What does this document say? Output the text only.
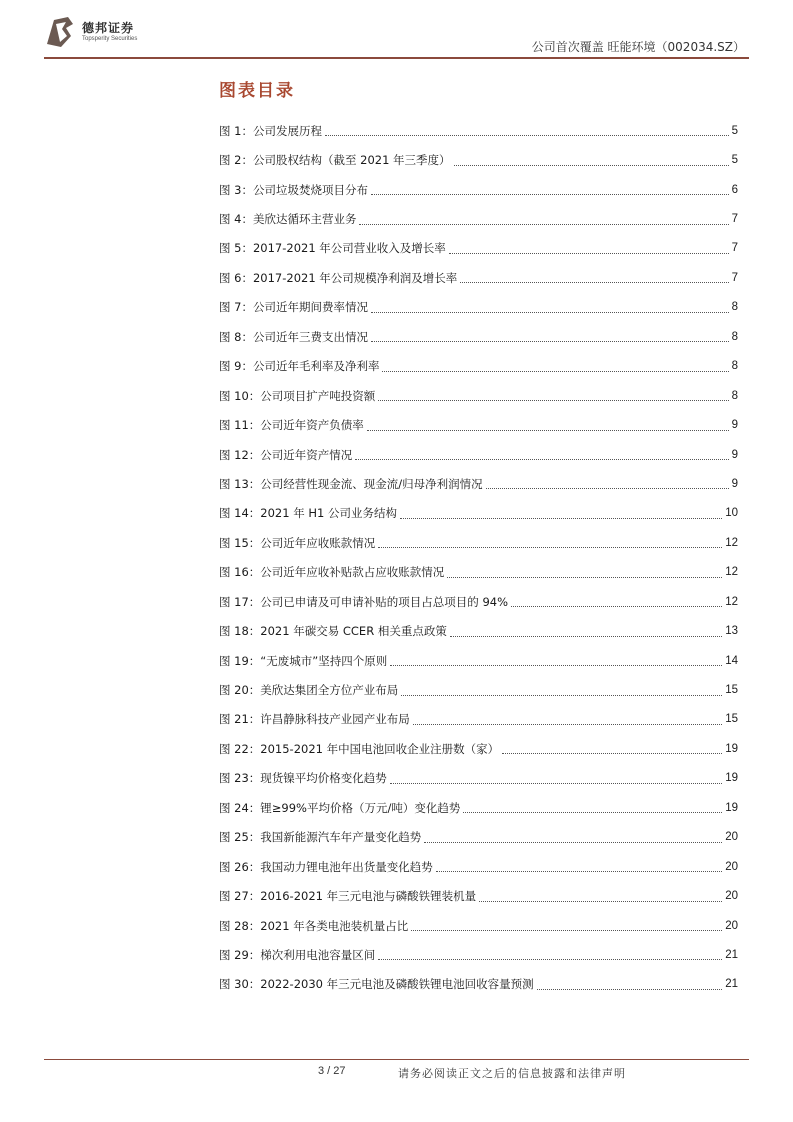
德邦证券
Topsperity Securities
公司首次覆盖 旺能环境（002034.SZ）
图表目录
图 1：公司发展历程	5
图 2：公司股权结构（截至 2021 年三季度）	5
图 3：公司垃圾焚烧项目分布	6
图 4：美欣达循环主营业务	7
图 5：2017-2021 年公司营业收入及增长率	7
图 6：2017-2021 年公司规模净利润及增长率	7
图 7：公司近年期间费率情况	8
图 8：公司近年三费支出情况	8
图 9：公司近年毛利率及净利率	8
图 10：公司项目扩产吨投资额	8
图 11：公司近年资产负债率	9
图 12：公司近年资产情况	9
图 13：公司经营性现金流、现金流/归母净利润情况	9
图 14：2021 年 H1 公司业务结构	10
图 15：公司近年应收账款情况	12
图 16：公司近年应收补贴款占应收账款情况	12
图 17：公司已申请及可申请补贴的项目占总项目的 94%	12
图 18：2021 年碳交易 CCER 相关重点政策	13
图 19：“无废城市”坚持四个原则	14
图 20：美欣达集团全方位产业布局	15
图 21：许昌静脉科技产业园产业布局	15
图 22：2015-2021 年中国电池回收企业注册数（家）	19
图 23：现货镍平均价格变化趋势	19
图 24：锂≥99%平均价格（万元/吨）变化趋势	19
图 25：我国新能源汽车年产量变化趋势	20
图 26：我国动力锂电池年出货量变化趋势	20
图 27：2016-2021 年三元电池与磷酸铁锂装机量	20
图 28：2021 年各类电池装机量占比	20
图 29：梯次利用电池容量区间	21
图 30：2022-2030 年三元电池及磷酸铁锂电池回收容量预测	21
3 / 27	请务必阅读正文之后的信息披露和法律声明
